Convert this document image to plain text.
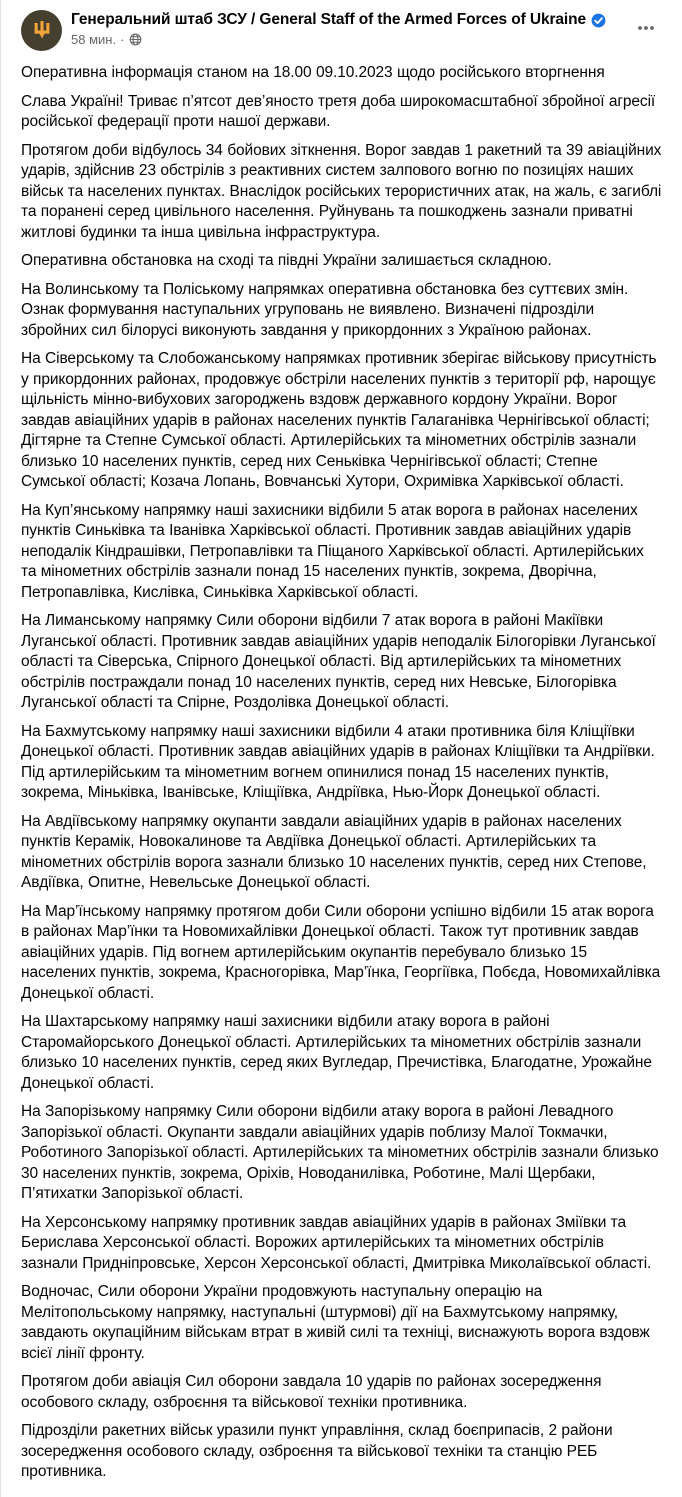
Генеральний штаб ЗСУ / General Staff of the Armed Forces of Ukraine
58 мин. ·

Оперативна інформація станом на 18.00 09.10.2023 щодо російського вторгнення

Слава Україні! Триває п’ятсот дев’яносто третя доба широкомасштабної збройної агресії російської федерації проти нашої держави.

Протягом доби відбулось 34 бойових зіткнення. Ворог завдав 1 ракетний та 39 авіаційних ударів, здійснив 23 обстрілів з реактивних систем залпового вогню по позиціях наших військ та населених пунктах. Внаслідок російських терористичних атак, на жаль, є загиблі та поранені серед цивільного населення. Руйнувань та пошкоджень зазнали приватні житлові будинки та інша цивільна інфраструктура.

Оперативна обстановка на сході та півдні України залишається складною.

На Волинському та Поліському напрямках оперативна обстановка без суттєвих змін. Ознак формування наступальних угруповань не виявлено. Визначені підрозділи збройних сил білорусі виконують завдання у прикордонних з Україною районах.

На Сіверському та Слобожанському напрямках противник зберігає військову присутність у прикордонних районах, продовжує обстріли населених пунктів з території рф, нарощує щільність мінно-вибухових загороджень вздовж державного кордону України. Ворог завдав авіаційних ударів в районах населених пунктів Галаганівка Чернігівської області; Дігтярне та Степне Сумської області. Артилерійських та мінометних обстрілів зазнали близько 10 населених пунктів, серед них Сеньківка Чернігівської області; Степне Сумської області; Козача Лопань, Вовчанські Хутори, Охримівка Харківської області.

На Куп’янському напрямку наші захисники відбили 5 атак ворога в районах населених пунктів Синьківка та Іванівка Харківської області. Противник завдав авіаційних ударів неподалік Кіндрашівки, Петропавлівки та Піщаного Харківської області. Артилерійських та мінометних обстрілів зазнали понад 15 населених пунктів, зокрема, Дворічна, Петропавлівка, Кислівка, Синьківка Харківської області.

На Лиманському напрямку Сили оборони відбили 7 атак ворога в районі Макіївки Луганської області. Противник завдав авіаційних ударів неподалік Білогорівки Луганської області та Сіверська, Спірного Донецької області. Від артилерійських та мінометних обстрілів постраждали понад 10 населених пунктів, серед них Невське, Білогорівка Луганської області та Спірне, Роздолівка Донецької області.

На Бахмутському напрямку наші захисники відбили 4 атаки противника біля Кліщіївки Донецької області. Противник завдав авіаційних ударів в районах Кліщіївки та Андріївки. Під артилерійським та мінометним вогнем опинилися понад 15 населених пунктів, зокрема, Міньківка, Іванівське, Кліщіївка, Андріївка, Нью-Йорк Донецької області.

На Авдіївському напрямку окупанти завдали авіаційних ударів в районах населених пунктів Керамік, Новокалинове та Авдіївка Донецької області. Артилерійських та мінометних обстрілів ворога зазнали близько 10 населених пунктів, серед них Степове, Авдіївка, Опитне, Невельське Донецької області.

На Мар’їнському напрямку протягом доби Сили оборони успішно відбили 15 атак ворога в районах Мар’їнки та Новомихайлівки Донецької області. Також тут противник завдав авіаційних ударів. Під вогнем артилерійським окупантів перебувало близько 15 населених пунктів, зокрема, Красногорівка, Мар’їнка, Георгіївка, Побєда, Новомихайлівка Донецької області.

На Шахтарському напрямку наші захисники відбили атаку ворога в районі Старомайорського Донецької області. Артилерійських та мінометних обстрілів зазнали близько 10 населених пунктів, серед яких Вугледар, Пречистівка, Благодатне, Урожайне Донецької області.

На Запорізькому напрямку Сили оборони відбили атаку ворога в районі Левадного Запорізької області. Окупанти завдали авіаційних ударів поблизу Малої Токмачки, Роботиного Запорізької області. Артилерійських та мінометних обстрілів зазнали близько 30 населених пунктів, зокрема, Оріхів, Новоданилівка, Роботине, Малі Щербаки, П’ятихатки Запорізької області.

На Херсонському напрямку противник завдав авіаційних ударів в районах Зміївки та Берислава Херсонської області. Ворожих артилерійських та мінометних обстрілів зазнали Придніпровське, Херсон Херсонської області, Дмитрівка Миколаївської області.

Водночас, Сили оборони України продовжують наступальну операцію на Мелітопольському напрямку, наступальні (штурмові) дії на Бахмутському напрямку, завдають окупаційним військам втрат в живій силі та техніці, виснажують ворога вздовж всієї лінії фронту.

Протягом доби авіація Сил оборони завдала 10 ударів по районах зосередження особового складу, озброєння та військової техніки противника.

Підрозділи ракетних військ уразили пункт управління, склад боєприпасів, 2 райони зосередження особового складу, озброєння та військової техніки та станцію РЕБ противника.
